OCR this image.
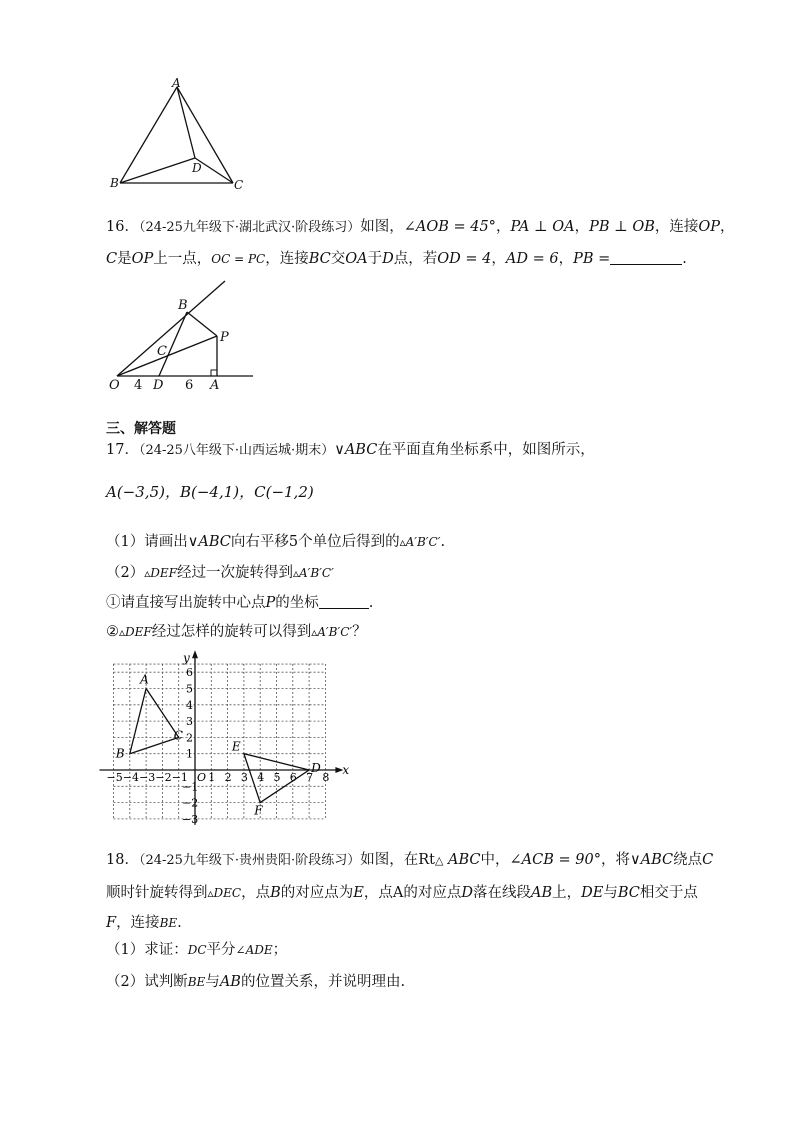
A
B	C
D
16．（24-25九年级下·湖北武汉·阶段练习）如图，∠AOB = 45°，PA ⊥ OA，PB ⊥ OB，连接OP，
C是OP上一点，OC = PC，连接BC交OA于D点，若OD = 4，AD = 6，PB =	.
B
P
C
O 4 D 6 A
三、解答题
17．（24-25八年级下·山西运城·期末）∨ABC在平面直角坐标系中，如图所示，
A(−3,5)，B(−4,1)，C(−1,2)
（1）请画出∨ABC向右平移5个单位后得到的▵A′B′C′.
（2）▵DEF经过一次旋转得到▵A′B′C′
①请直接写出旋转中心点P的坐标	.
②▵DEF经过怎样的旋转可以得到▵A′B′C′？
x
y
−5 −4 −3 −2 −1 O 1 2 3 4 5 6 7 8
6
5
4
3
2
1
−1
−2
−3
A
B
C
E
D
F
18．（24-25九年级下·贵州贵阳·阶段练习）如图，在Rt△ ABC中，∠ACB = 90°，将∨ABC绕点C
顺时针旋转得到▵DEC，点B的对应点为E，点A的对应点D落在线段AB上，DE与BC相交于点
F，连接BE.
（1）求证：DC平分∠ADE；
（2）试判断BE与AB的位置关系，并说明理由.
